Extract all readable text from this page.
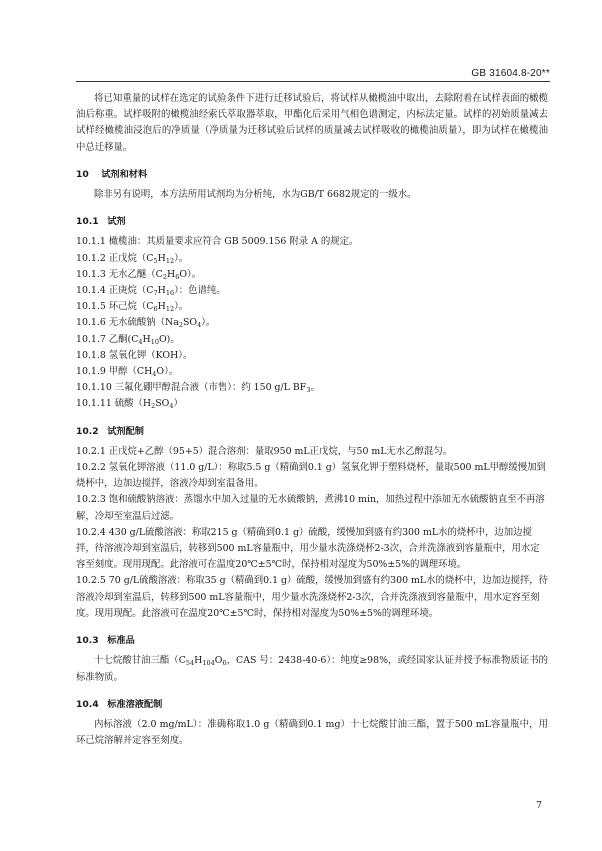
GB 31604.8-20**

将已知重量的试样在选定的试验条件下进行迁移试验后，将试样从橄榄油中取出，去除附着在试样表面的橄榄油后称重。试样吸附的橄榄油经索氏萃取器萃取，甲酯化后采用气相色谱测定，内标法定量。试样的初始质量减去试样经橄榄油浸泡后的净质量（净质量为迁移试验后试样的质量减去试样吸收的橄榄油质量），即为试样在橄榄油中总迁移量。

10 试剂和材料

除非另有说明，本方法所用试剂均为分析纯，水为GB/T 6682规定的一级水。

10.1 试剂

10.1.1 橄榄油：其质量要求应符合 GB 5009.156 附录 A 的规定。

10.1.2 正戊烷$(C_5H_{12})$。

10.1.3 无水乙醚$(C_2H_6O)$。

10.1.4 正庚烷$(C_7H_{16})$：色谱纯。

10.1.5 环己烷$(C_6H_{12})$。

10.1.6 无水硫酸钠$(Na_2SO_4)$。

10.1.7 乙酮$(C_4H_{10}O)$。

10.1.8 氢氧化钾（KOH）。

10.1.9 甲醇$(CH_4O)$。

10.1.10 三氟化硼甲醇混合液（市售）：约 150 g/L $BF_3$。

10.1.11 硫酸$(H_2SO_4)$

10.2 试剂配制

10.2.1 正戊烷+乙醇（95+5）混合溶剂：量取950 mL正戊烷，与50 mL无水乙醇混匀。

10.2.2 氢氧化钾溶液（11.0 g/L）：称取5.5 g（精确到0.1 g）氢氧化钾于塑料烧杯，量取500 mL甲醇缓慢加到烧杯中，边加边搅拌，溶液冷却到室温备用。

10.2.3 饱和硫酸钠溶液：蒸馏水中加入过量的无水硫酸钠，煮沸10 min，加热过程中添加无水硫酸钠直至不再溶解，冷却至室温后过滤。

10.2.4 430 g/L硫酸溶液：称取215 g（精确到0.1 g）硫酸，缓慢加到盛有约300 mL水的烧杯中，边加边搅拌，待溶液冷却到室温后，转移到500 mL容量瓶中，用少量水洗涤烧杯2-3次，合并洗涤液到容量瓶中，用水定容至刻度。现用现配。此溶液可在温度20℃±5℃时，保持相对湿度为50%±5%的调理环境。

10.2.5 70 g/L硫酸溶液：称取35 g（精确到0.1 g）硫酸，缓慢加到盛有约300 mL水的烧杯中，边加边搅拌，待溶液冷却到室温后，转移到500 mL容量瓶中，用少量水洗涤烧杯2-3次，合并洗涤液到容量瓶中，用水定容至刻度。现用现配。此溶液可在温度20℃±5℃时，保持相对湿度为50%±5%的调理环境。

10.3 标准品

十七烷酸甘油三酯（$C_{54}H_{104}O_6$，CAS 号：2438-40-6）：纯度≥98%，或经国家认证并授予标准物质证书的标准物质。

10.4 标准溶液配制

内标溶液（2.0 mg/mL）：准确称取1.0 g（精确到0.1 mg）十七烷酸甘油三酯，置于500 mL容量瓶中，用环己烷溶解并定容至刻度。

7
